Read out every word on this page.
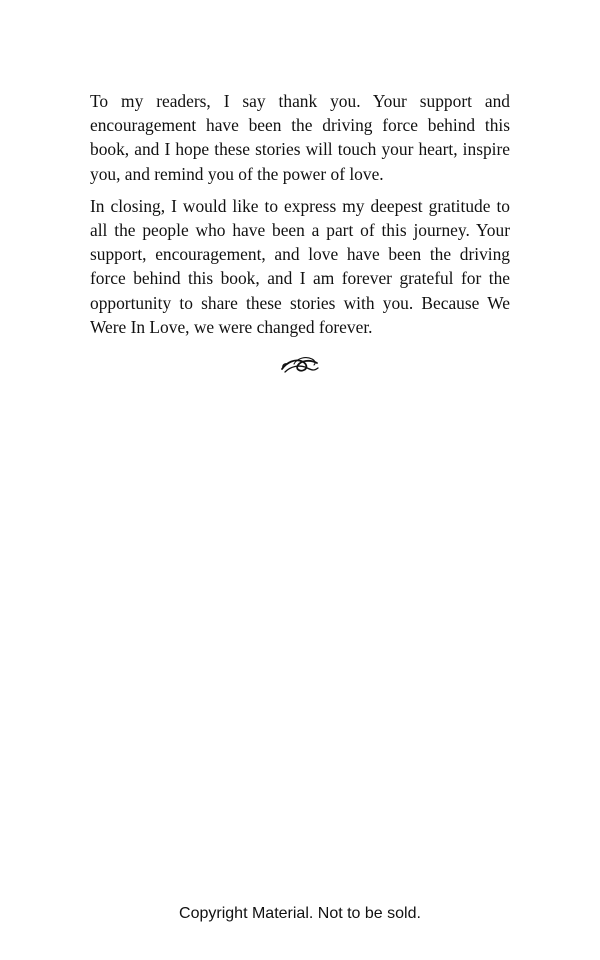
To my readers, I say thank you. Your support and encouragement have been the driving force behind this book, and I hope these stories will touch your heart, inspire you, and remind you of the power of love.

In closing, I would like to express my deepest gratitude to all the people who have been a part of this journey. Your support, encouragement, and love have been the driving force behind this book, and I am forever grateful for the opportunity to share these stories with you. Because We Were In Love, we were changed forever.

Copyright Material. Not to be sold.
